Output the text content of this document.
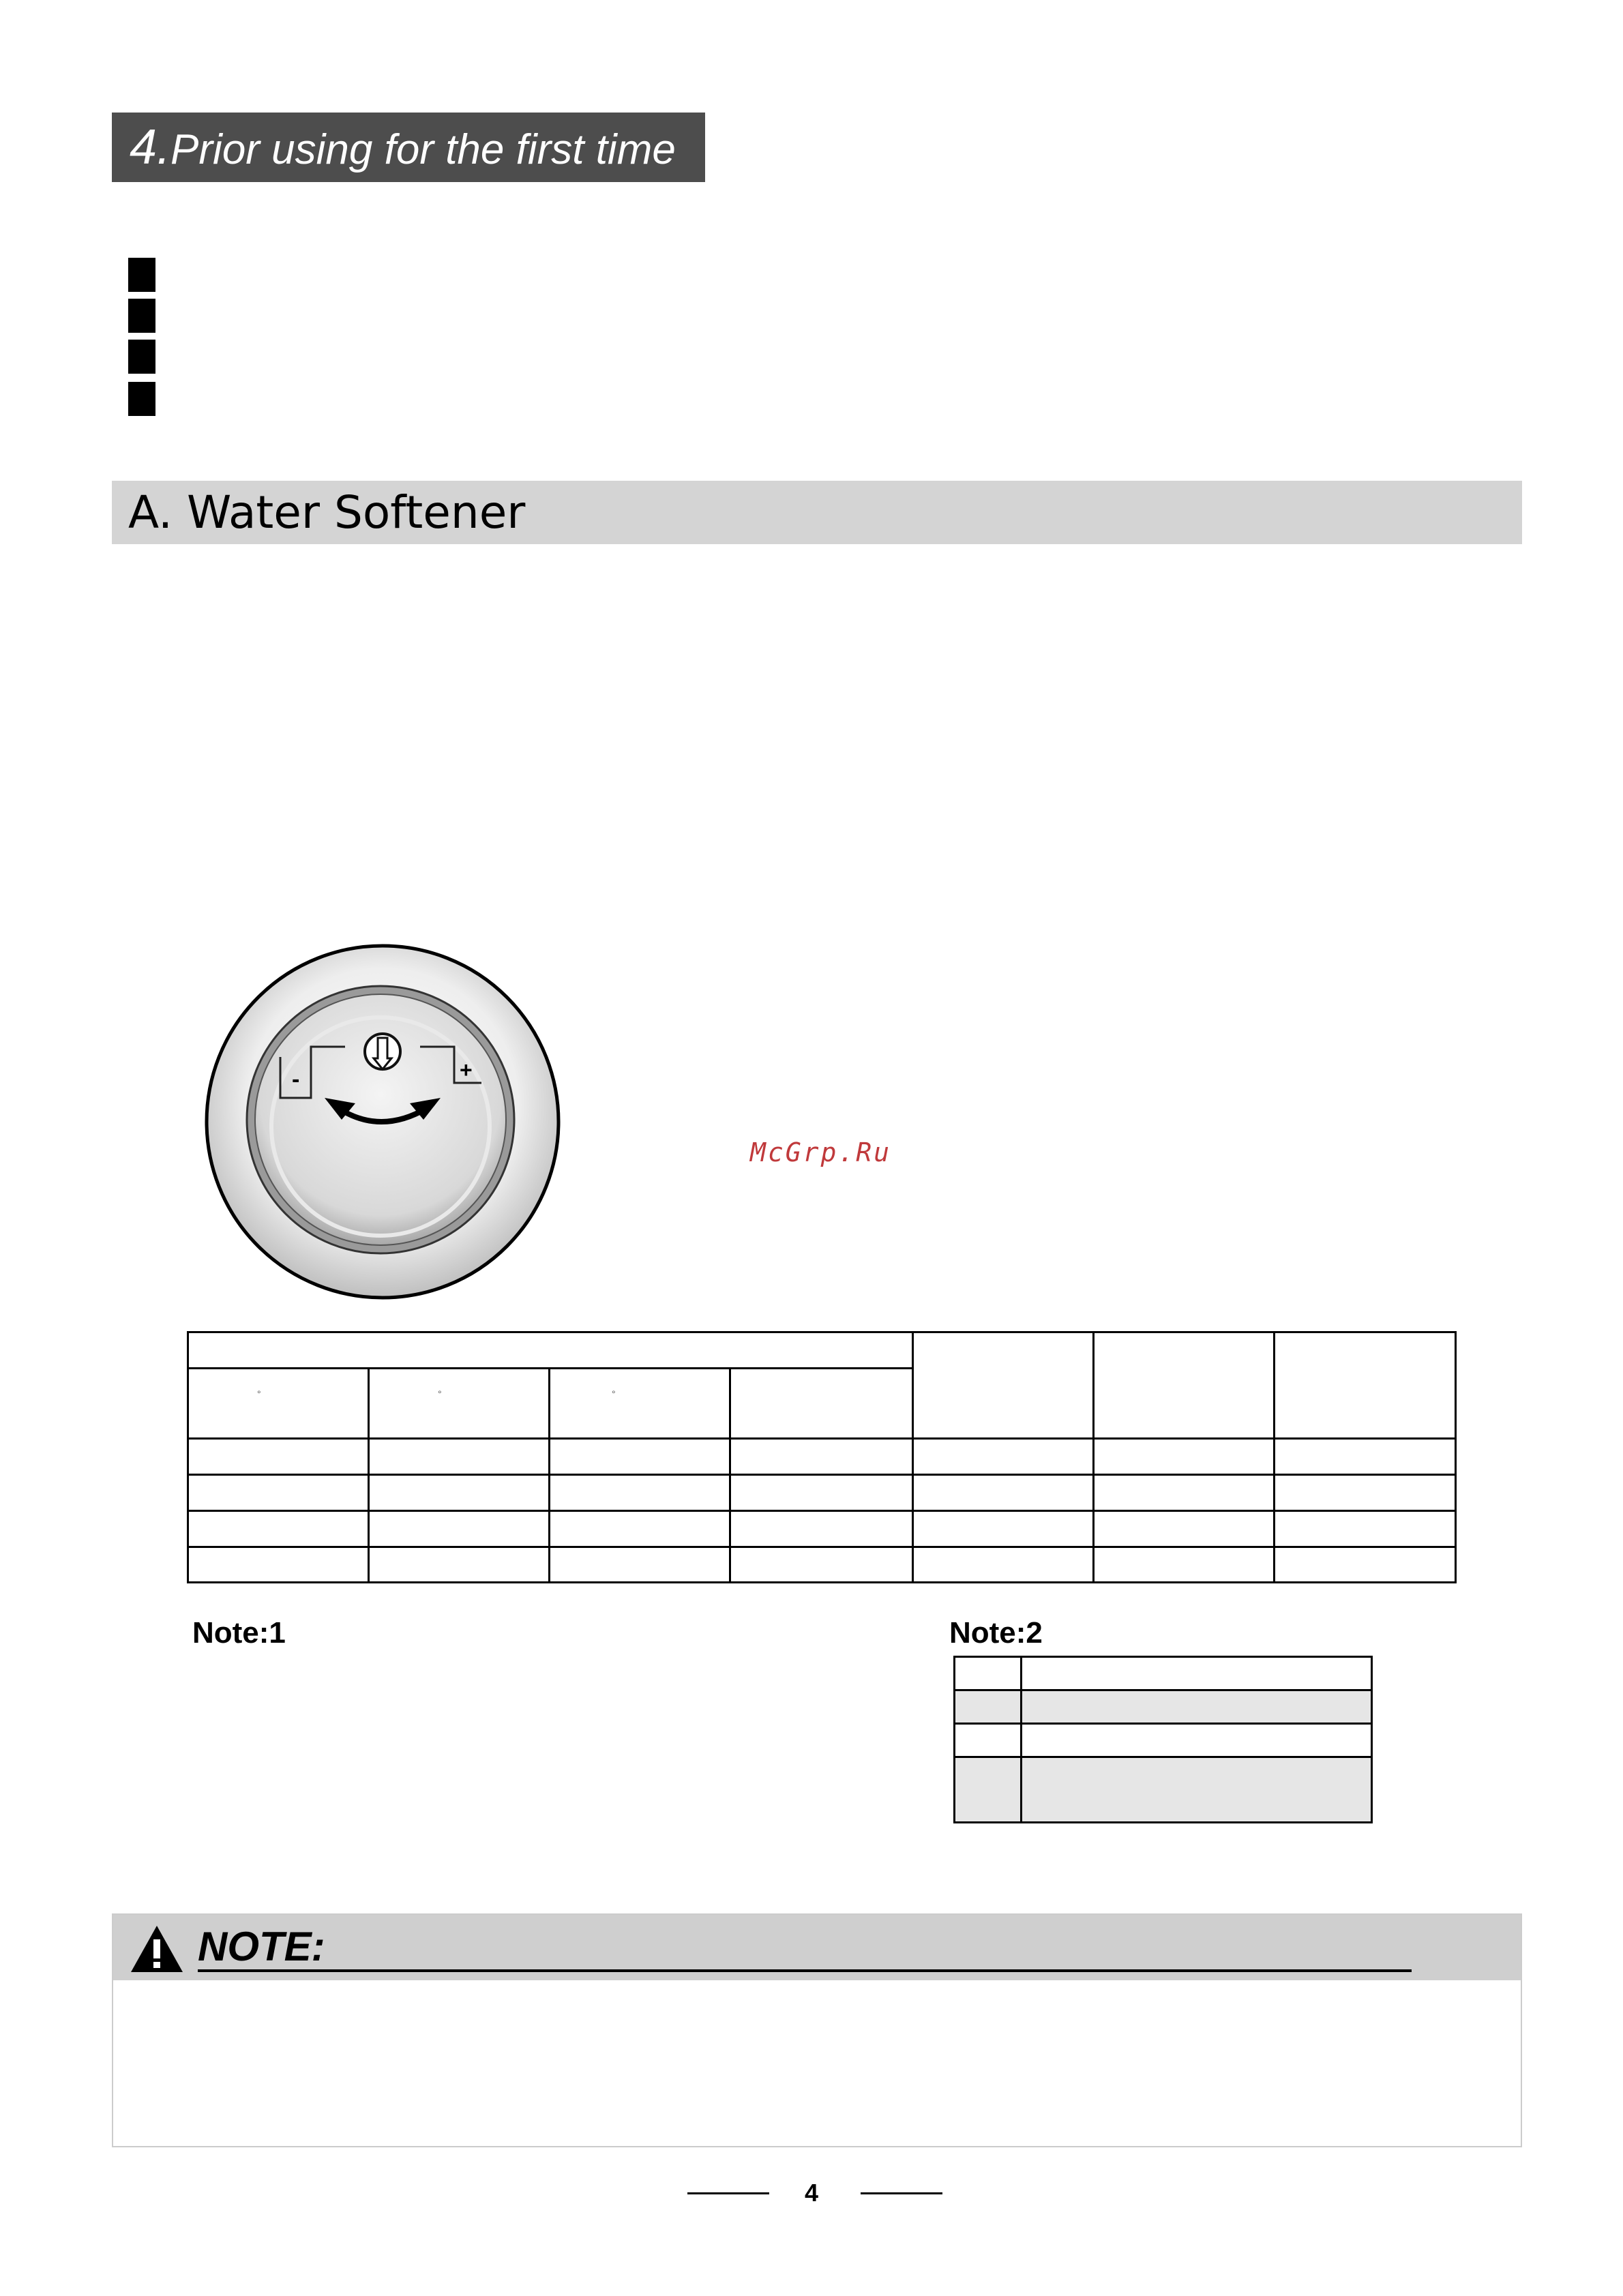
4.Prior using for the first time
A. Water Softener
-	+
McGrp.Ru
°	°	°
Note:1	Note:2
NOTE:
4
